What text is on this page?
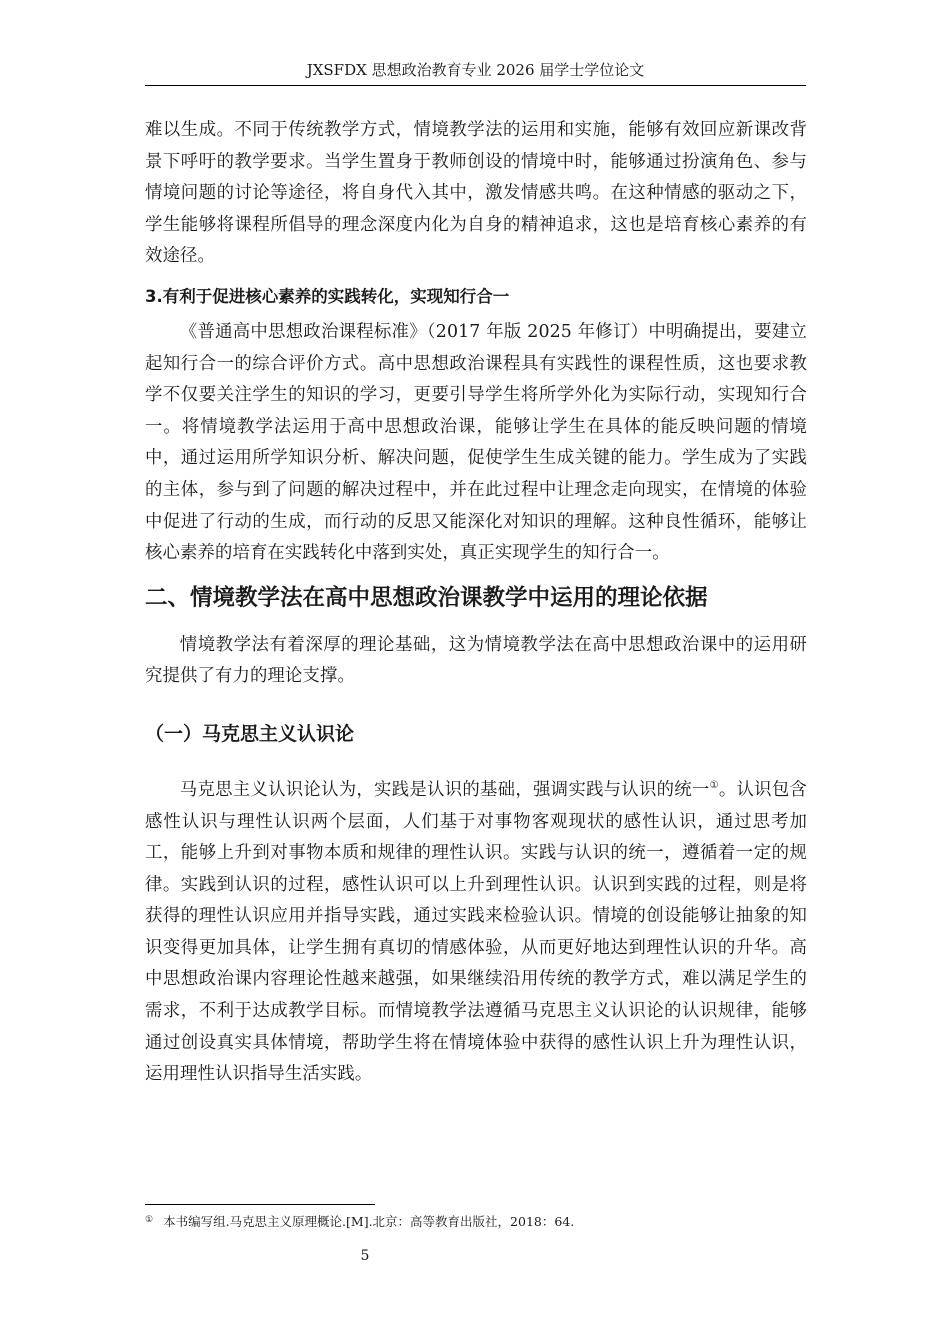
JXSFDX 思想政治教育专业 2026 届学士学位论文

难以生成。不同于传统教学方式，情境教学法的运用和实施，能够有效回应新课改背景下呼吁的教学要求。当学生置身于教师创设的情境中时，能够通过扮演角色、参与情境问题的讨论等途径，将自身代入其中，激发情感共鸣。在这种情感的驱动之下，学生能够将课程所倡导的理念深度内化为自身的精神追求，这也是培育核心素养的有效途径。

3.有利于促进核心素养的实践转化，实现知行合一

《普通高中思想政治课程标准》（2017 年版 2025 年修订）中明确提出，要建立起知行合一的综合评价方式。高中思想政治课程具有实践性的课程性质，这也要求教学不仅要关注学生的知识的学习，更要引导学生将所学外化为实际行动，实现知行合一。将情境教学法运用于高中思想政治课，能够让学生在具体的能反映问题的情境中，通过运用所学知识分析、解决问题，促使学生生成关键的能力。学生成为了实践的主体，参与到了问题的解决过程中，并在此过程中让理念走向现实，在情境的体验中促进了行动的生成，而行动的反思又能深化对知识的理解。这种良性循环，能够让核心素养的培育在实践转化中落到实处，真正实现学生的知行合一。

二、情境教学法在高中思想政治课教学中运用的理论依据

情境教学法有着深厚的理论基础，这为情境教学法在高中思想政治课中的运用研究提供了有力的理论支撑。

（一）马克思主义认识论

马克思主义认识论认为，实践是认识的基础，强调实践与认识的统一①。认识包含感性认识与理性认识两个层面，人们基于对事物客观现状的感性认识，通过思考加工，能够上升到对事物本质和规律的理性认识。实践与认识的统一，遵循着一定的规律。实践到认识的过程，感性认识可以上升到理性认识。认识到实践的过程，则是将获得的理性认识应用并指导实践，通过实践来检验认识。情境的创设能够让抽象的知识变得更加具体，让学生拥有真切的情感体验，从而更好地达到理性认识的升华。高中思想政治课内容理论性越来越强，如果继续沿用传统的教学方式，难以满足学生的需求，不利于达成教学目标。而情境教学法遵循马克思主义认识论的认识规律，能够通过创设真实具体情境，帮助学生将在情境体验中获得的感性认识上升为理性认识，运用理性认识指导生活实践。

① 本书编写组.马克思主义原理概论.[M].北京：高等教育出版社，2018：64.
5
